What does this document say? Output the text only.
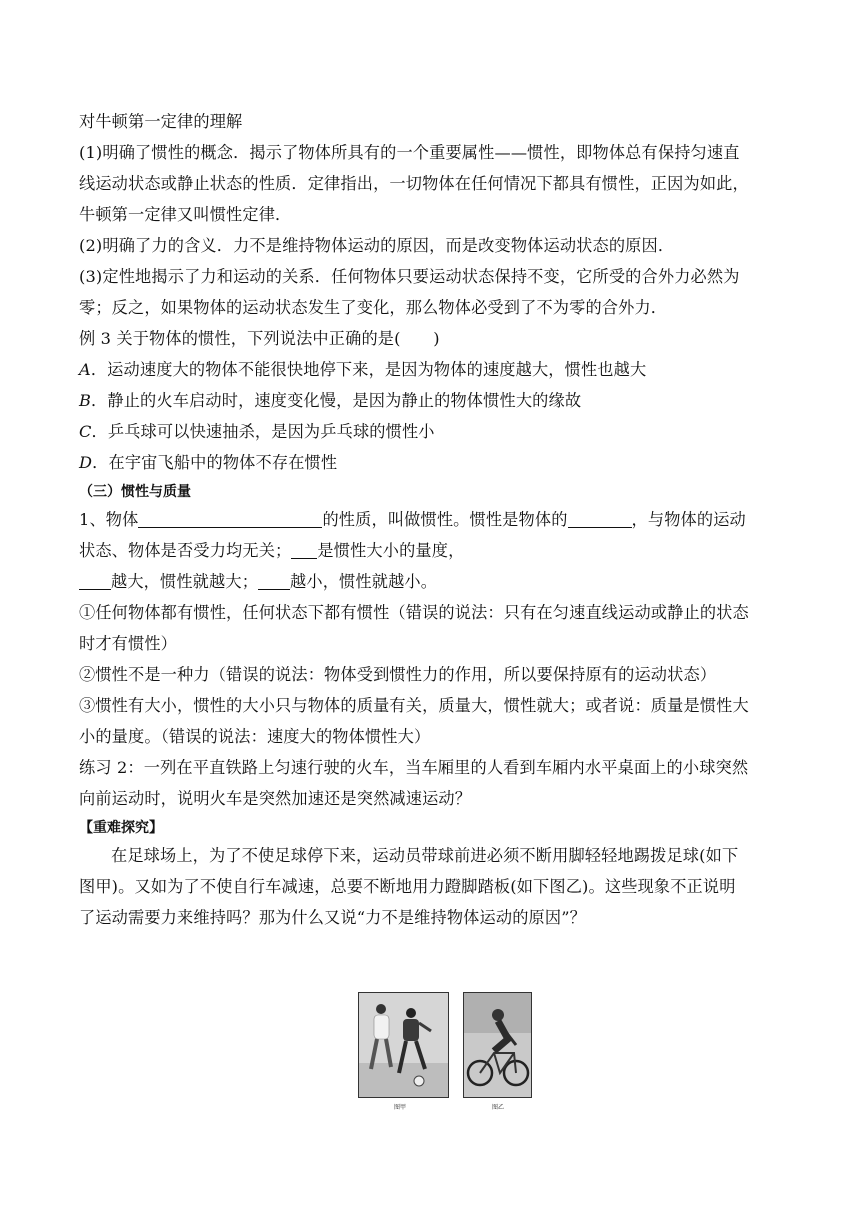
对牛顿第一定律的理解
(1)明确了惯性的概念．揭示了物体所具有的一个重要属性——惯性，即物体总有保持匀速直
线运动状态或静止状态的性质．定律指出，一切物体在任何情况下都具有惯性，正因为如此，
牛顿第一定律又叫惯性定律．
(2)明确了力的含义．力不是维持物体运动的原因，而是改变物体运动状态的原因．
(3)定性地揭示了力和运动的关系．任何物体只要运动状态保持不变，它所受的合外力必然为
零；反之，如果物体的运动状态发生了变化，那么物体必受到了不为零的合外力．
例 3 关于物体的惯性，下列说法中正确的是(　　)
A．运动速度大的物体不能很快地停下来，是因为物体的速度越大，惯性也越大
B．静止的火车启动时，速度变化慢，是因为静止的物体惯性大的缘故
C．乒乓球可以快速抽杀，是因为乒乓球的惯性小
D．在宇宙飞船中的物体不存在惯性
（三）惯性与质量
1、物体	的性质，叫做惯性。惯性是物体的	，与物体的运动
状态、物体是否受力均无关； 是惯性大小的量度，
越大，惯性就越大； 越小，惯性就越小。
①任何物体都有惯性，任何状态下都有惯性（错误的说法：只有在匀速直线运动或静止的状态
时才有惯性）
②惯性不是一种力（错误的说法：物体受到惯性力的作用，所以要保持原有的运动状态）
③惯性有大小，惯性的大小只与物体的质量有关，质量大，惯性就大；或者说：质量是惯性大
小的量度。（错误的说法：速度大的物体惯性大）
练习 2：一列在平直铁路上匀速行驶的火车，当车厢里的人看到车厢内水平桌面上的小球突然
向前运动时，说明火车是突然加速还是突然减速运动？
【重难探究】
在足球场上，为了不使足球停下来，运动员带球前进必须不断用脚轻轻地踢拨足球(如下
图甲)。又如为了不使自行车减速，总要不断地用力蹬脚踏板(如下图乙)。这些现象不正说明
了运动需要力来维持吗？那为什么又说“力不是维持物体运动的原因”？
图甲	图乙
